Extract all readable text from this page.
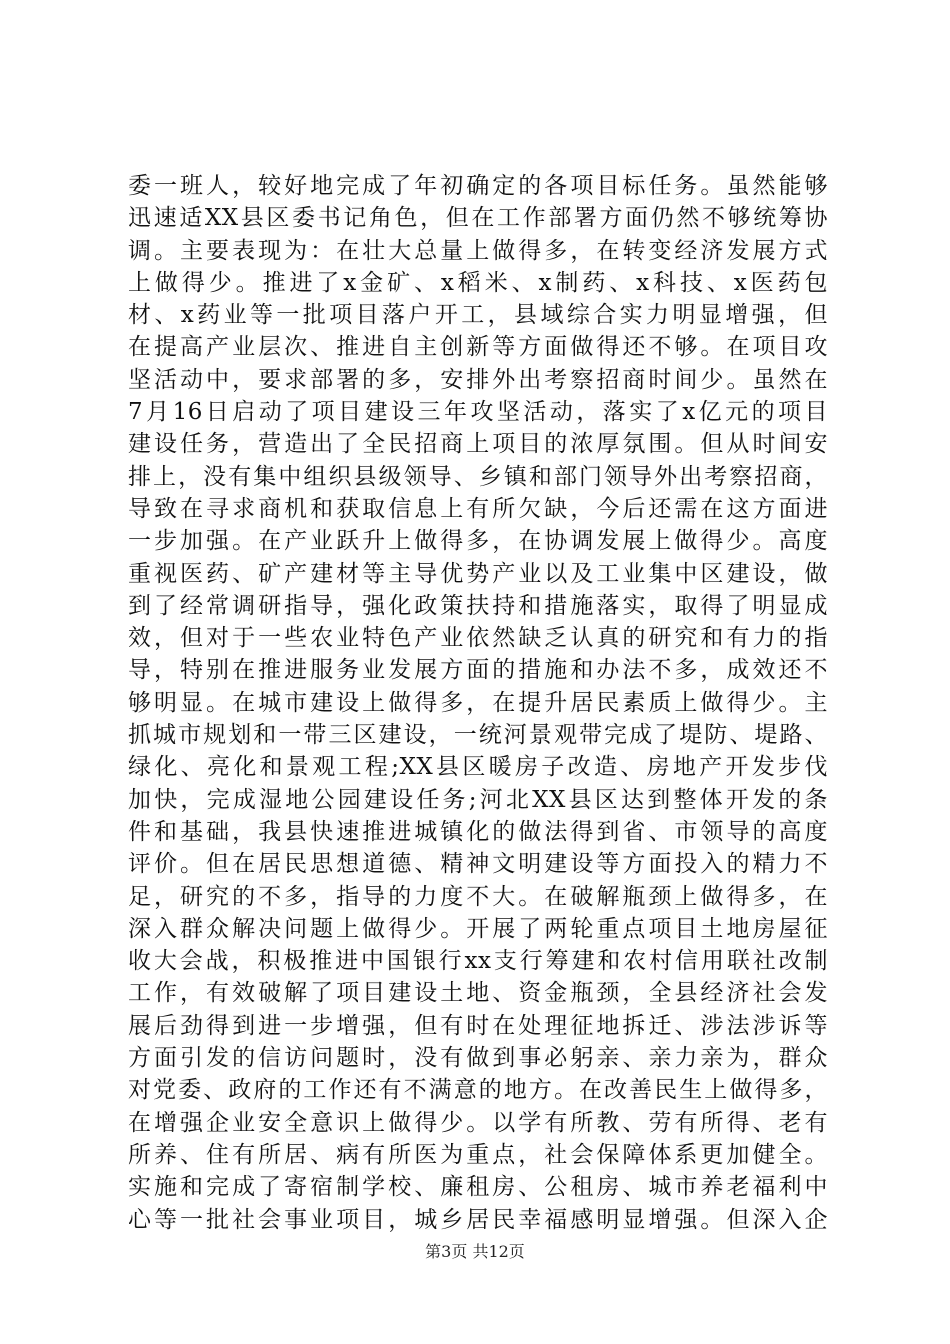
委一班人，较好地完成了年初确定的各项目标任务。虽然能够
迅速适XX县区委书记角色，但在工作部署方面仍然不够统筹协
调。主要表现为：在壮大总量上做得多，在转变经济发展方式
上做得少。推进了x金矿、x稻米、x制药、x科技、x医药包
材、x药业等一批项目落户开工，县域综合实力明显增强，但
在提高产业层次、推进自主创新等方面做得还不够。在项目攻
坚活动中，要求部署的多，安排外出考察招商时间少。虽然在
7月16日启动了项目建设三年攻坚活动，落实了x亿元的项目
建设任务，营造出了全民招商上项目的浓厚氛围。但从时间安
排上，没有集中组织县级领导、乡镇和部门领导外出考察招商，
导致在寻求商机和获取信息上有所欠缺，今后还需在这方面进
一步加强。在产业跃升上做得多，在协调发展上做得少。高度
重视医药、矿产建材等主导优势产业以及工业集中区建设，做
到了经常调研指导，强化政策扶持和措施落实，取得了明显成
效，但对于一些农业特色产业依然缺乏认真的研究和有力的指
导，特别在推进服务业发展方面的措施和办法不多，成效还不
够明显。在城市建设上做得多，在提升居民素质上做得少。主
抓城市规划和一带三区建设，一统河景观带完成了堤防、堤路、
绿化、亮化和景观工程;XX县区暖房子改造、房地产开发步伐
加快，完成湿地公园建设任务;河北XX县区达到整体开发的条
件和基础，我县快速推进城镇化的做法得到省、市领导的高度
评价。但在居民思想道德、精神文明建设等方面投入的精力不
足，研究的不多，指导的力度不大。在破解瓶颈上做得多，在
深入群众解决问题上做得少。开展了两轮重点项目土地房屋征
收大会战，积极推进中国银行xx支行筹建和农村信用联社改制
工作，有效破解了项目建设土地、资金瓶颈，全县经济社会发
展后劲得到进一步增强，但有时在处理征地拆迁、涉法涉诉等
方面引发的信访问题时，没有做到事必躬亲、亲力亲为，群众
对党委、政府的工作还有不满意的地方。在改善民生上做得多，
在增强企业安全意识上做得少。以学有所教、劳有所得、老有
所养、住有所居、病有所医为重点，社会保障体系更加健全。
实施和完成了寄宿制学校、廉租房、公租房、城市养老福利中
心等一批社会事业项目，城乡居民幸福感明显增强。但深入企
第3页 共12页
